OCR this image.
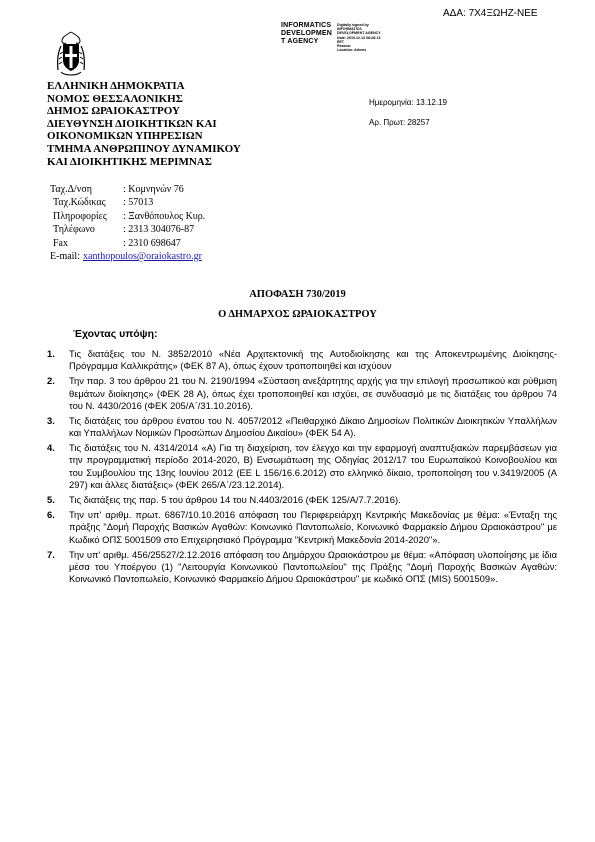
ΑΔΑ: 7Χ4ΞΩΗΖ-ΝΕΕ
INFORMATICS
DEVELOPMEN
T AGENCY
Digitally signed by
INFORMATICS
DEVELOPMENT AGENCY
Date: 2019.12.13 08:28:13
EET
Reason:
Location: Athens
ΕΛΛΗΝΙΚΗ ΔΗΜΟΚΡΑΤΙΑ
ΝΟΜΟΣ ΘΕΣΣΑΛΟΝΙΚΗΣ
ΔΗΜΟΣ ΩΡΑΙΟΚΑΣΤΡΟΥ
ΔΙΕΥΘΥΝΣΗ ΔΙΟΙΚΗΤΙΚΩΝ ΚΑΙ
ΟΙΚΟΝΟΜΙΚΩΝ ΥΠΗΡΕΣΙΩΝ
ΤΜΗΜΑ ΑΝΘΡΩΠΙΝΟΥ ΔΥΝΑΜΙΚΟΥ
ΚΑΙ ΔΙΟΙΚΗΤΙΚΗΣ ΜΕΡΙΜΝΑΣ
Ημερομηνία: 13.12.19
Αρ. Πρωτ: 28257
Ταχ.Δ/νση	: Κομνηνών 76
Ταχ.Κώδικας	: 57013
Πληροφορίες	: Ξανθόπουλος Κυρ.
Τηλέφωνο	: 2313 304076-87
Fax	: 2310 698647
E-mail: xanthopoulos@oraiokastro.gr
ΑΠΟΦΑΣΗ 730/2019
Ο ΔΗΜΑΡΧΟΣ ΩΡΑΙΟΚΑΣΤΡΟΥ
Έχοντας υπόψη:
1.	Τις διατάξεις του Ν. 3852/2010 «Νέα Αρχιτεκτονική της Αυτοδιοίκησης και της Αποκεντρωμένης Διοίκησης- Πρόγραμμα Καλλικράτης» (ΦΕΚ 87 Α), όπως έχουν τροποποιηθεί και ισχύουν
2.	Την παρ. 3 του άρθρου 21 του Ν. 2190/1994 «Σύσταση ανεξάρτητης αρχής για την επιλογή προσωπικού και ρύθμιση θεμάτων διοίκησης» (ΦΕΚ 28 Α), όπως έχει τροποποιηθεί και ισχύει, σε συνδυασμό με τις διατάξεις του άρθρου 74 του Ν. 4430/2016 (ΦΕΚ 205/Α΄/31.10.2016).
3.	Τις διατάξεις του άρθρου ένατου του Ν. 4057/2012 «Πειθαρχικό Δίκαιο Δημοσίων Πολιτικών Διοικητικών Υπαλλήλων και Υπαλλήλων Νομικών Προσώπων Δημοσίου Δικαίου» (ΦΕΚ 54 Α).
4.	Τις διατάξεις του Ν. 4314/2014 «Α) Για τη διαχείριση, τον έλεγχο και την εφαρμογή αναπτυξιακών παρεμβάσεων για την προγραμματική περίοδο 2014-2020, Β) Ενσωμάτωση της Οδηγίας 2012/17 του Ευρωπαϊκού Κοινοβουλίου και του Συμβουλίου της 13ης Ιουνίου 2012 (EE L 156/16.6.2012) στο ελληνικό δίκαιο, τροποποίηση του ν.3419/2005 (Α 297) και άλλες διατάξεις» (ΦΕΚ 265/Α΄/23.12.2014).
5.	Τις διατάξεις της παρ. 5 του άρθρου 14 του Ν.4403/2016 (ΦΕΚ 125/Α/7.7.2016).
6.	Την υπ' αριθμ. πρωτ. 6867/10.10.2016 απόφαση του Περιφερειάρχη Κεντρικής Μακεδονίας με θέμα: «Ένταξη της πράξης "Δομή Παροχής Βασικών Αγαθών: Κοινωνικό Παντοπωλείο, Κοινωνικό Φαρμακείο Δήμου Ωραιοκάστρου" με Κωδικό ΟΠΣ 5001509 στο Επιχειρησιακό Πρόγραμμα "Κεντρική Μακεδονία 2014-2020"».
7.	Την υπ' αριθμ. 456/25527/2.12.2016 απόφαση του Δημάρχου Ωραιοκάστρου με θέμα: «Απόφαση υλοποίησης με ίδια μέσα του Υποέργου (1) "Λειτουργία Κοινωνικού Παντοπωλείου" της Πράξης "Δομή Παροχής Βασικών Αγαθών: Κοινωνικό Παντοπωλείο, Κοινωνικό Φαρμακείο Δήμου Ωραιοκάστρου" με κωδικό ΟΠΣ (MIS) 5001509».
